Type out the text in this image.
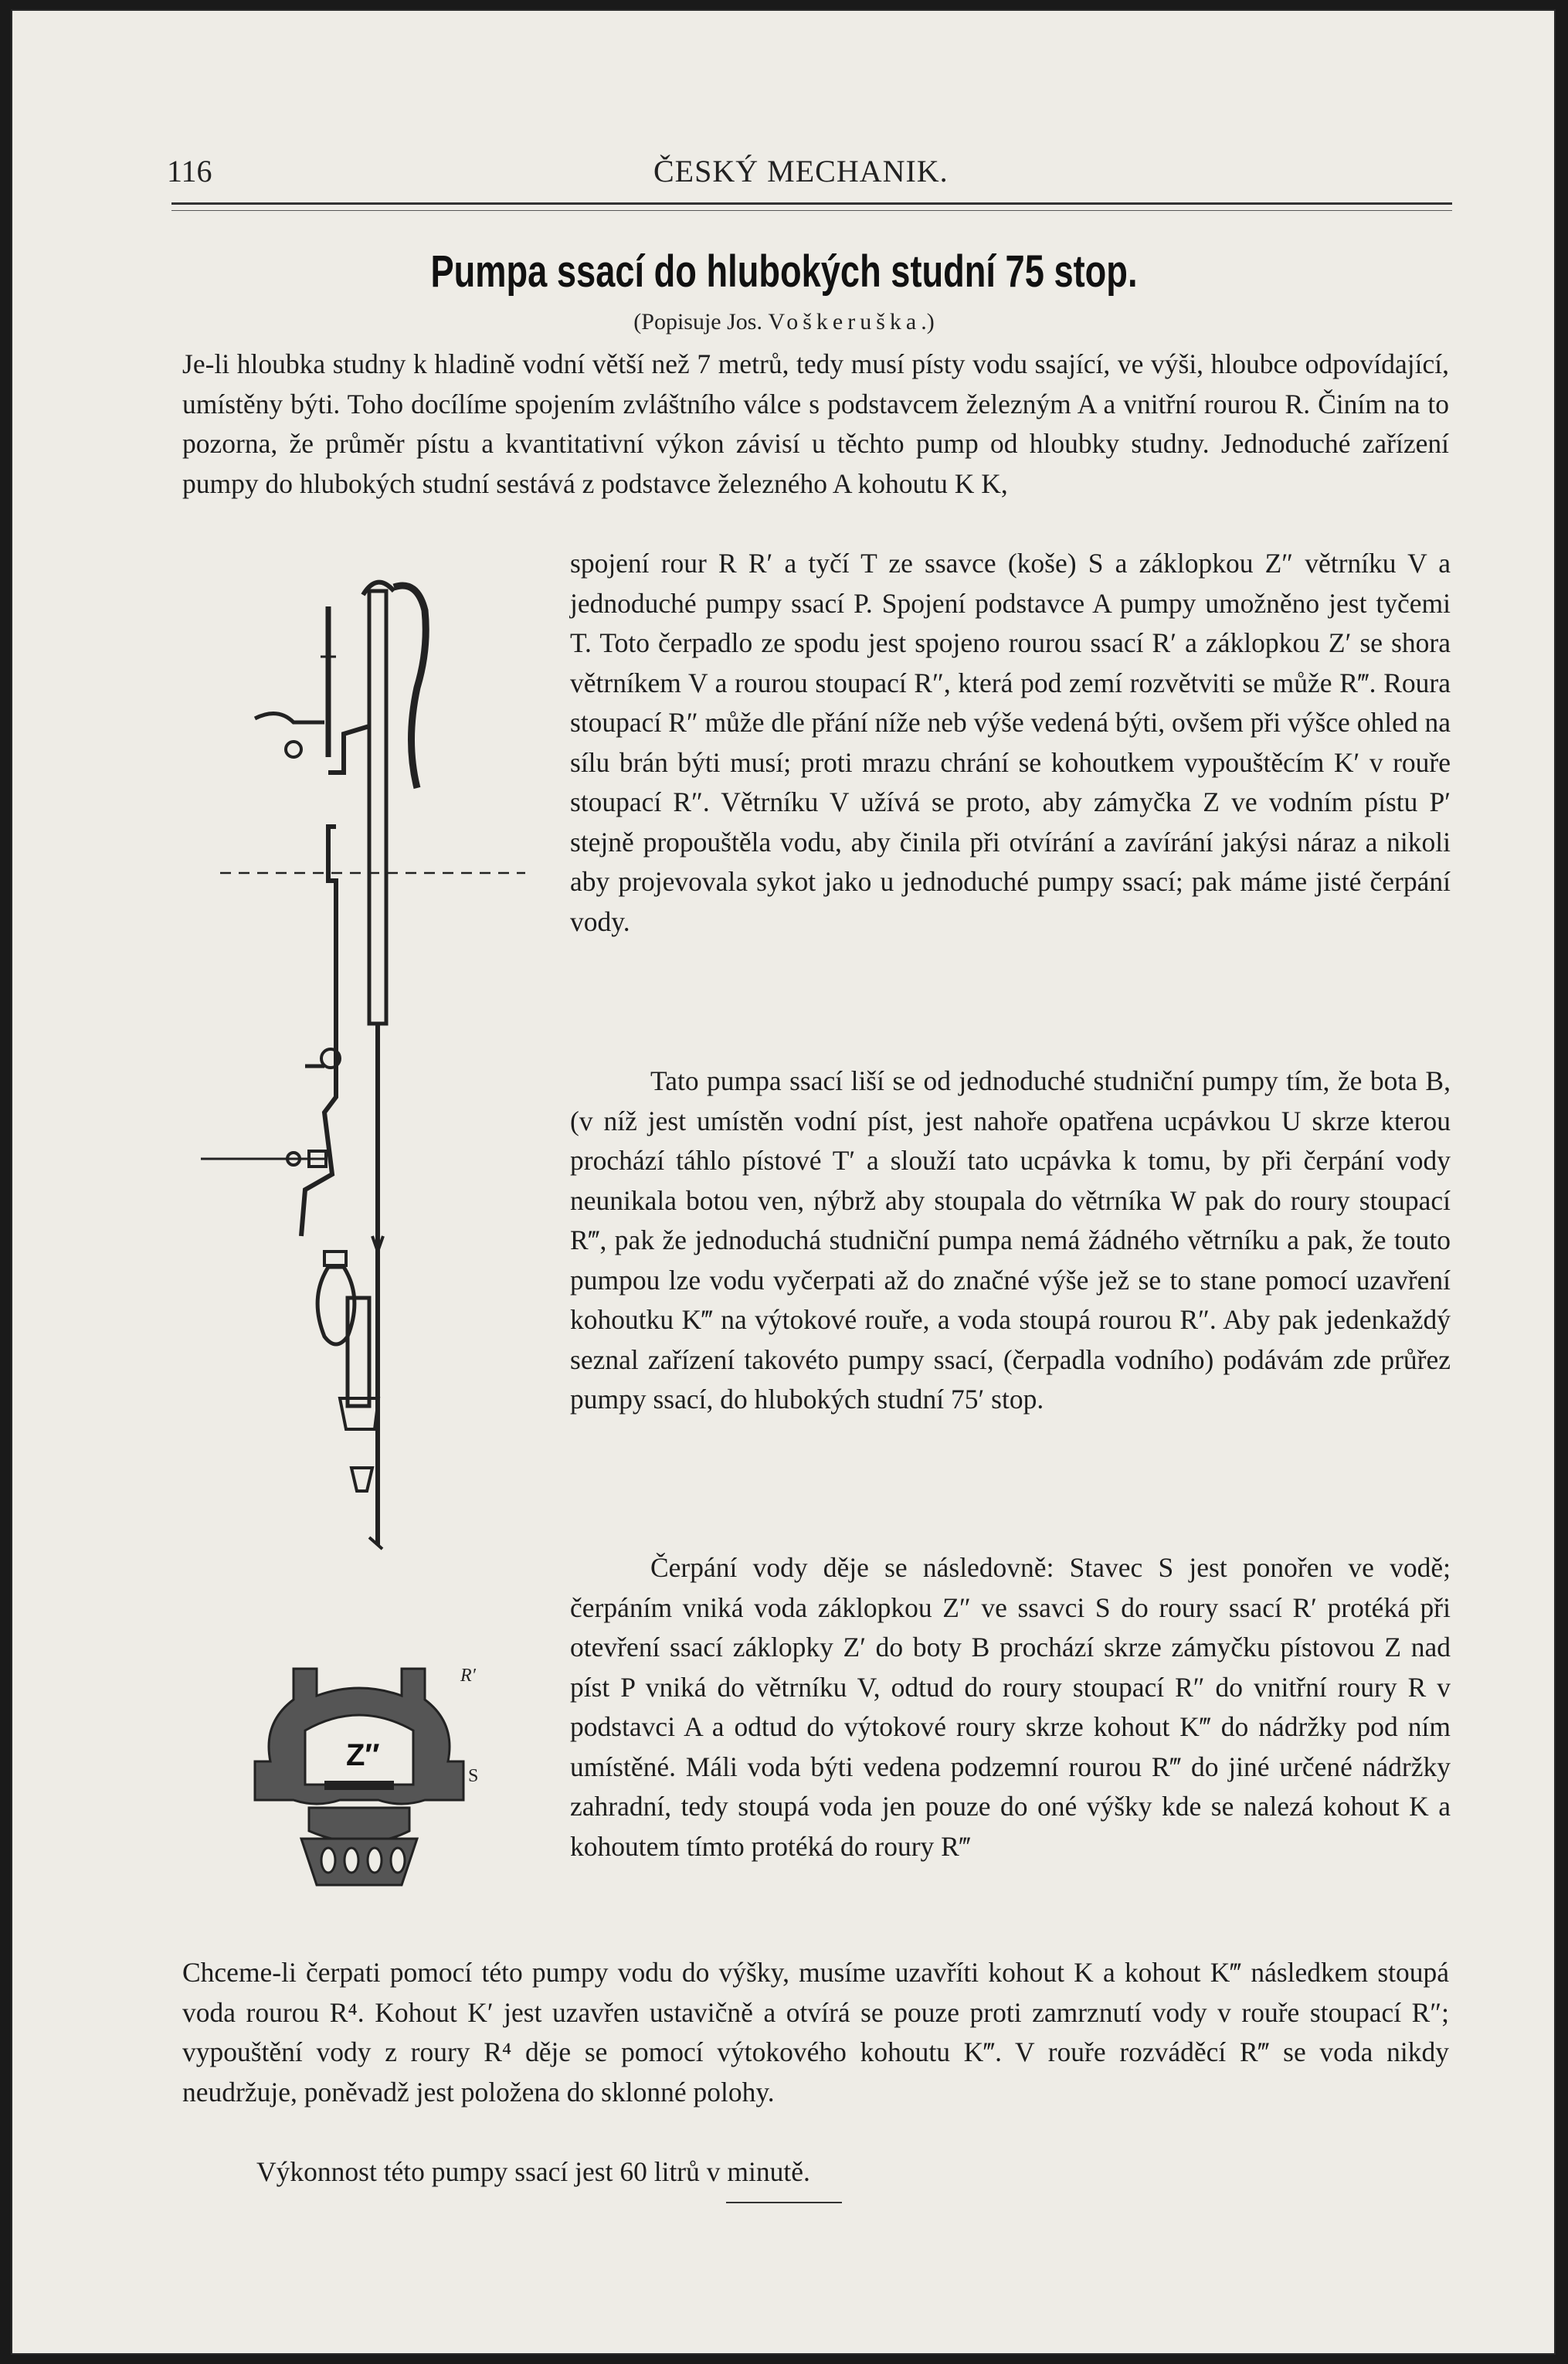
116	ČESKÝ MECHANIK.
Pumpa ssací do hlubokých studní 75 stop.
(Popisuje Jos. Voškeruška.)

Je-li hloubka studny k hladině vodní větší než 7 metrů, tedy musí písty vodu ssající, ve výši, hloubce odpovídající, umístěny býti. Toho docílíme spojením zvláštního válce s podstavcem železným A a vnitřní rourou R. Činím na to pozorna, že průměr pístu a kvantitativní výkon závisí u těchto pump od hloubky studny. Jednoduché zařízení pumpy do hlubokých studní sestává z podstavce železného A kohoutu K K,

spojení rour R R′ a tyčí T ze ssavce (koše) S a záklopkou Z″ větrníku V a jednoduché pumpy ssací P. Spojení podstavce A pumpy umožněno jest tyčemi T. Toto čerpadlo ze spodu jest spojeno rourou ssací R′ a záklopkou Z′ se shora větrníkem V a rourou stoupací R″, která pod zemí rozvětviti se může R‴. Roura stoupací R″ může dle přání níže neb výše vedená býti, ovšem při výšce ohled na sílu brán býti musí; proti mrazu chrání se kohoutkem vypouštěcím K′ v rouře stoupací R″. Větrníku V užívá se proto, aby zámyčka Z ve vodním pístu P′ stejně propouštěla vodu, aby činila při otvírání a zavírání jakýsi náraz a nikoli aby projevovala sykot jako u jednoduché pumpy ssací; pak máme jisté čerpání vody.

Tato pumpa ssací liší se od jednoduché studniční pumpy tím, že bota B, (v níž jest umístěn vodní píst, jest nahoře opatřena ucpávkou U skrze kterou prochází táhlo pístové T′ a slouží tato ucpávka k tomu, by při čerpání vody neunikala botou ven, nýbrž aby stoupala do větrníka W pak do roury stoupací R‴, pak že jednoduchá studniční pumpa nemá žádného větrníku a pak, že touto pumpou lze vodu vyčerpati až do značné výše jež se to stane pomocí uzavření kohoutku K‴ na výtokové rouře, a voda stoupá rourou R″. Aby pak jedenkaždý seznal zařízení takovéto pumpy ssací, (čerpadla vodního) podávám zde průřez pumpy ssací, do hlubokých studní 75′ stop.

Čerpání vody děje se následovně: Stavec S jest ponořen ve vodě; čerpáním vniká voda záklopkou Z″ ve ssavci S do roury ssací R′ protéká při otevření ssací záklopky Z′ do boty B prochází skrze zámyčku pístovou Z nad píst P vniká do větrníku V, odtud do roury stoupací R″ do vnitřní roury R v podstavci A a odtud do výtokové roury skrze kohout K‴ do nádržky pod ním umístěné. Máli voda býti vedena podzemní rourou R‴ do jiné určené nádržky zahradní, tedy stoupá voda jen pouze do oné výšky kde se nalezá kohout K a kohoutem tímto protéká do roury R‴

Chceme-li čerpati pomocí této pumpy vodu do výšky, musíme uzavříti kohout K a kohout K‴ následkem stoupá voda rourou R⁴. Kohout K′ jest uzavřen ustavičně a otvírá se pouze proti zamrznutí vody v rouře stoupací R″; vypouštění vody z roury R⁴ děje se pomocí výtokového kohoutu K‴. V rouře rozváděcí R‴ se voda nikdy neudržuje, poněvadž jest položena do sklonné polohy.

Výkonnost této pumpy ssací jest 60 litrů v minutě.

Z″
R′
S
